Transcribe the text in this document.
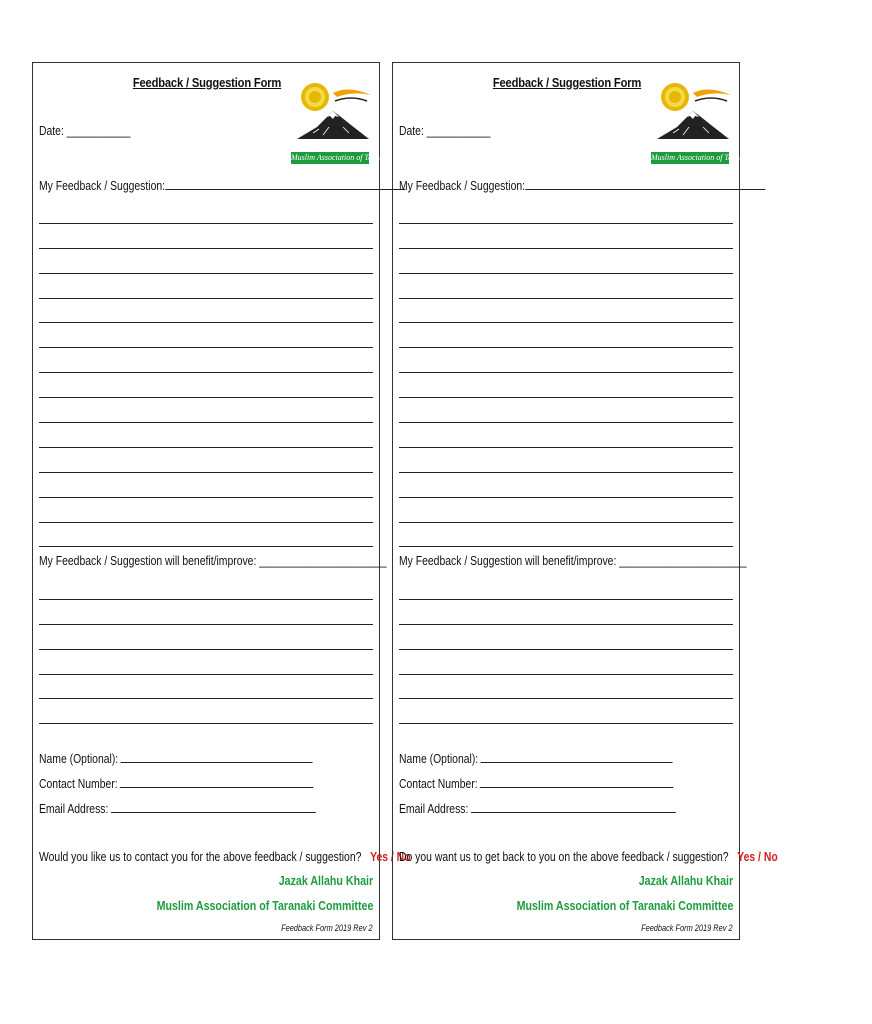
Feedback / Suggestion Form
Date: ___________
Muslim Association of Taranaki
My Feedback / Suggestion:
My Feedback / Suggestion will benefit/improve: ______________________
Name (Optional):
Contact Number:
Email Address:
Would you like us to contact you for the above feedback / suggestion? Yes / No
Jazak Allahu Khair
Muslim Association of Taranaki Committee
Feedback Form 2019 Rev 2
Feedback / Suggestion Form
Date: ___________
Muslim Association of Taranaki
My Feedback / Suggestion:
My Feedback / Suggestion will benefit/improve: ______________________
Name (Optional):
Contact Number:
Email Address:
Do you want us to get back to you on the above feedback / suggestion? Yes / No
Jazak Allahu Khair
Muslim Association of Taranaki Committee
Feedback Form 2019 Rev 2
